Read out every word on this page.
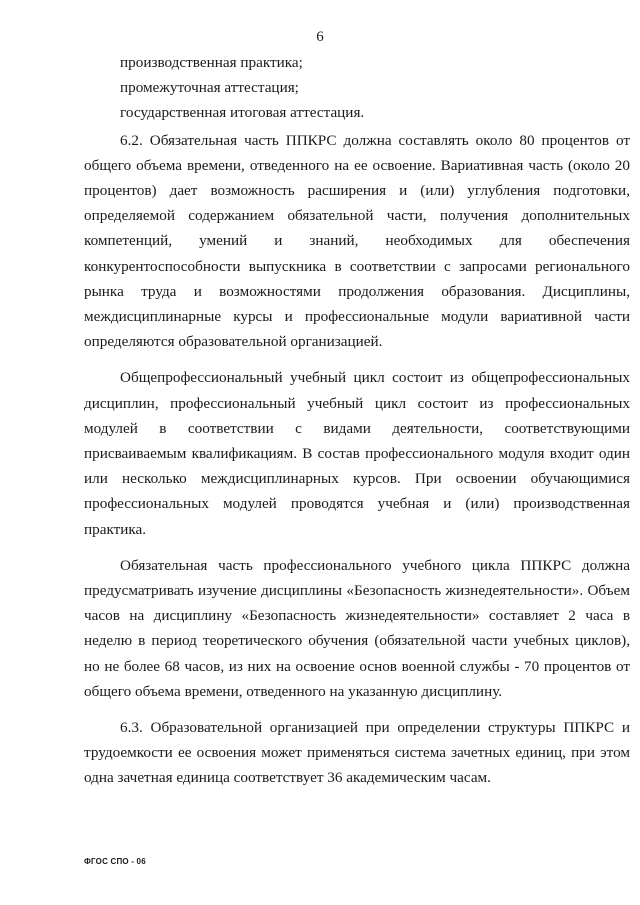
6

производственная практика;

промежуточная аттестация;

государственная итоговая аттестация.

6.2. Обязательная часть ППКРС должна составлять около 80 процентов от общего объема времени, отведенного на ее освоение. Вариативная часть (около 20 процентов) дает возможность расширения и (или) углубления подготовки, определяемой содержанием обязательной части, получения дополнительных компетенций, умений и знаний, необходимых для обеспечения конкурентоспособности выпускника в соответствии с запросами регионального рынка труда и возможностями продолжения образования. Дисциплины, междисциплинарные курсы и профессиональные модули вариативной части определяются образовательной организацией.

Общепрофессиональный учебный цикл состоит из общепрофессиональных дисциплин, профессиональный учебный цикл состоит из профессиональных модулей в соответствии с видами деятельности, соответствующими присваиваемым квалификациям. В состав профессионального модуля входит один или несколько междисциплинарных курсов. При освоении обучающимися профессиональных модулей проводятся учебная и (или) производственная практика.

Обязательная часть профессионального учебного цикла ППКРС должна предусматривать изучение дисциплины «Безопасность жизнедеятельности». Объем часов на дисциплину «Безопасность жизнедеятельности» составляет 2 часа в неделю в период теоретического обучения (обязательной части учебных циклов), но не более 68 часов, из них на освоение основ военной службы - 70 процентов от общего объема времени, отведенного на указанную дисциплину.

6.3. Образовательной организацией при определении структуры ППКРС и трудоемкости ее освоения может применяться система зачетных единиц, при этом одна зачетная единица соответствует 36 академическим часам.

ФГОС СПО - 06
